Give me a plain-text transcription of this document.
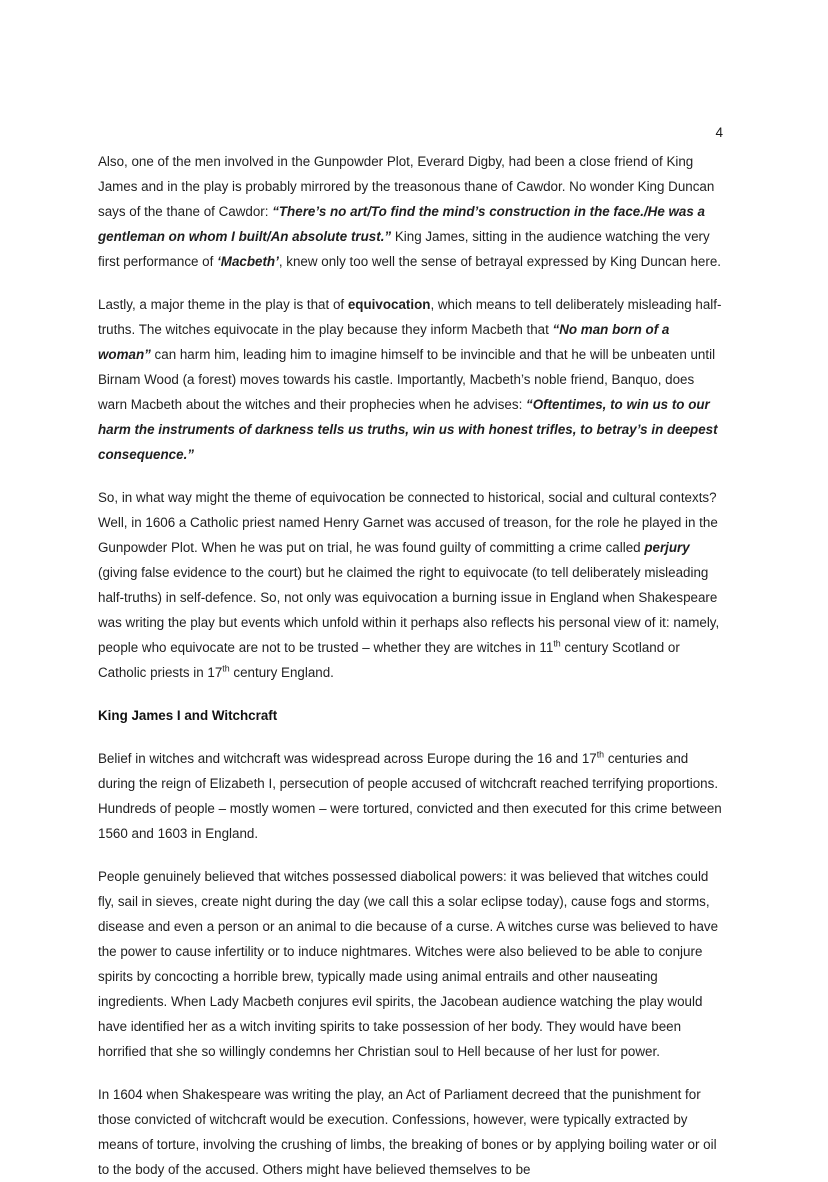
4

Also, one of the men involved in the Gunpowder Plot, Everard Digby, had been a close friend of King James and in the play is probably mirrored by the treasonous thane of Cawdor. No wonder King Duncan says of the thane of Cawdor: “There’s no art/To find the mind’s construction in the face./He was a gentleman on whom I built/An absolute trust.” King James, sitting in the audience watching the very first performance of ‘Macbeth’, knew only too well the sense of betrayal expressed by King Duncan here.

Lastly, a major theme in the play is that of equivocation, which means to tell deliberately misleading half-truths. The witches equivocate in the play because they inform Macbeth that “No man born of a woman” can harm him, leading him to imagine himself to be invincible and that he will be unbeaten until Birnam Wood (a forest) moves towards his castle. Importantly, Macbeth’s noble friend, Banquo, does warn Macbeth about the witches and their prophecies when he advises: “Oftentimes, to win us to our harm the instruments of darkness tells us truths, win us with honest trifles, to betray’s in deepest consequence.”

So, in what way might the theme of equivocation be connected to historical, social and cultural contexts? Well, in 1606 a Catholic priest named Henry Garnet was accused of treason, for the role he played in the Gunpowder Plot. When he was put on trial, he was found guilty of committing a crime called perjury (giving false evidence to the court) but he claimed the right to equivocate (to tell deliberately misleading half-truths) in self-defence. So, not only was equivocation a burning issue in England when Shakespeare was writing the play but events which unfold within it perhaps also reflects his personal view of it: namely, people who equivocate are not to be trusted – whether they are witches in 11th century Scotland or Catholic priests in 17th century England.

King James I and Witchcraft

Belief in witches and witchcraft was widespread across Europe during the 16 and 17th centuries and during the reign of Elizabeth I, persecution of people accused of witchcraft reached terrifying proportions. Hundreds of people – mostly women – were tortured, convicted and then executed for this crime between 1560 and 1603 in England.

People genuinely believed that witches possessed diabolical powers: it was believed that witches could fly, sail in sieves, create night during the day (we call this a solar eclipse today), cause fogs and storms, disease and even a person or an animal to die because of a curse. A witches curse was believed to have the power to cause infertility or to induce nightmares. Witches were also believed to be able to conjure spirits by concocting a horrible brew, typically made using animal entrails and other nauseating ingredients. When Lady Macbeth conjures evil spirits, the Jacobean audience watching the play would have identified her as a witch inviting spirits to take possession of her body. They would have been horrified that she so willingly condemns her Christian soul to Hell because of her lust for power.

In 1604 when Shakespeare was writing the play, an Act of Parliament decreed that the punishment for those convicted of witchcraft would be execution. Confessions, however, were typically extracted by means of torture, involving the crushing of limbs, the breaking of bones or by applying boiling water or oil to the body of the accused. Others might have believed themselves to be
